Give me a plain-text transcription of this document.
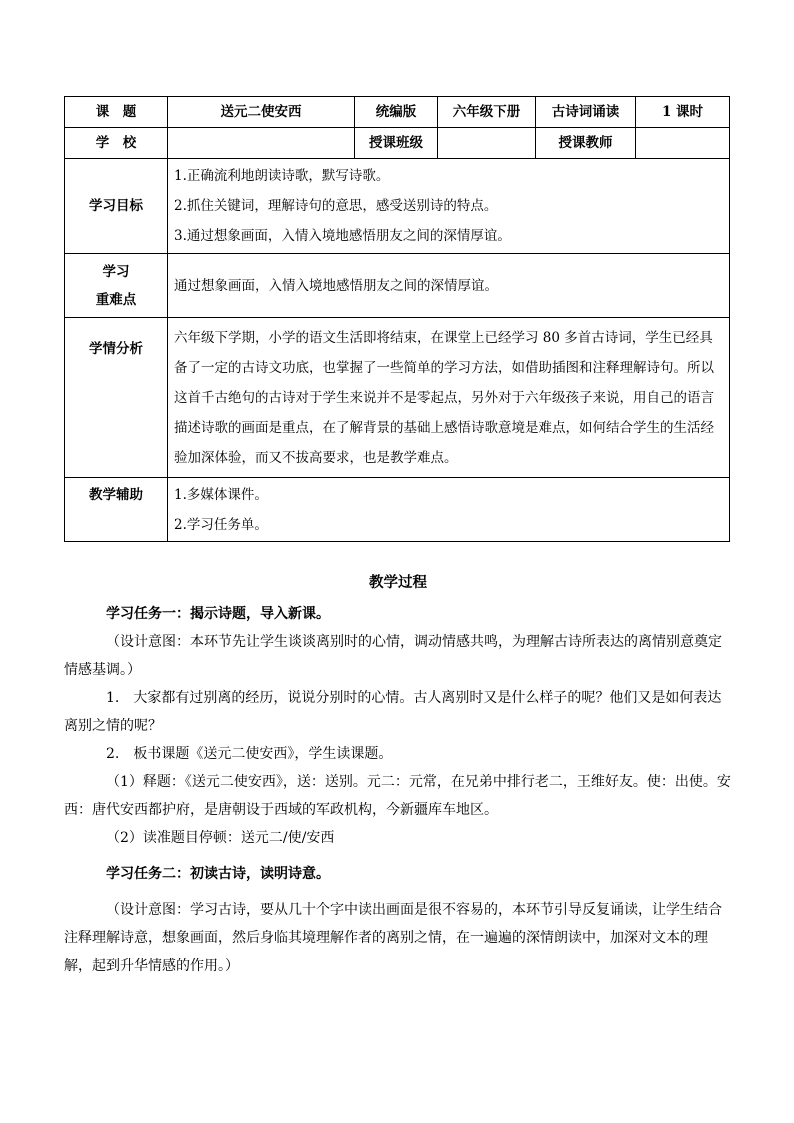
课　题	送元二使安西	统编版	六年级下册	古诗词诵读	1 课时
学　校		授课班级		授课教师	
学习目标	1.正确流利地朗读诗歌，默写诗歌。
2.抓住关键词，理解诗句的意思，感受送别诗的特点。
3.通过想象画面，入情入境地感悟朋友之间的深情厚谊。				

学习
重难点	通过想象画面，入情入境地感悟朋友之间的深情厚谊。				
学情分析	六年级下学期，小学的语文生活即将结束，在课堂上已经学习 80 多首古诗词，学生已经具备了一定的古诗文功底，也掌握了一些简单的学习方法，如借助插图和注释理解诗句。所以这首千古绝句的古诗对于学生来说并不是零起点，另外对于六年级孩子来说，用自己的语言描述诗歌的画面是重点，在了解背景的基础上感悟诗歌意境是难点，如何结合学生的生活经验加深体验，而又不拔高要求，也是教学难点。				
教学辅助	1.多媒体课件。
2.学习任务单。				
教学过程

学习任务一：揭示诗题，导入新课。

（设计意图：本环节先让学生谈谈离别时的心情，调动情感共鸣，为理解古诗所表达的离情别意奠定情感基调。）

1.　大家都有过别离的经历，说说分别时的心情。古人离别时又是什么样子的呢？他们又是如何表达离别之情的呢？

2.　板书课题《送元二使安西》，学生读课题。

（1）释题：《送元二使安西》，送：送别。元二：元常，在兄弟中排行老二，王维好友。使：出使。安西：唐代安西都护府，是唐朝设于西域的军政机构，今新疆库车地区。

（2）读准题目停顿：送元二/使/安西

学习任务二：初读古诗，读明诗意。

（设计意图：学习古诗，要从几十个字中读出画面是很不容易的，本环节引导反复诵读，让学生结合注释理解诗意，想象画面，然后身临其境理解作者的离别之情，在一遍遍的深情朗读中，加深对文本的理解，起到升华情感的作用。）
